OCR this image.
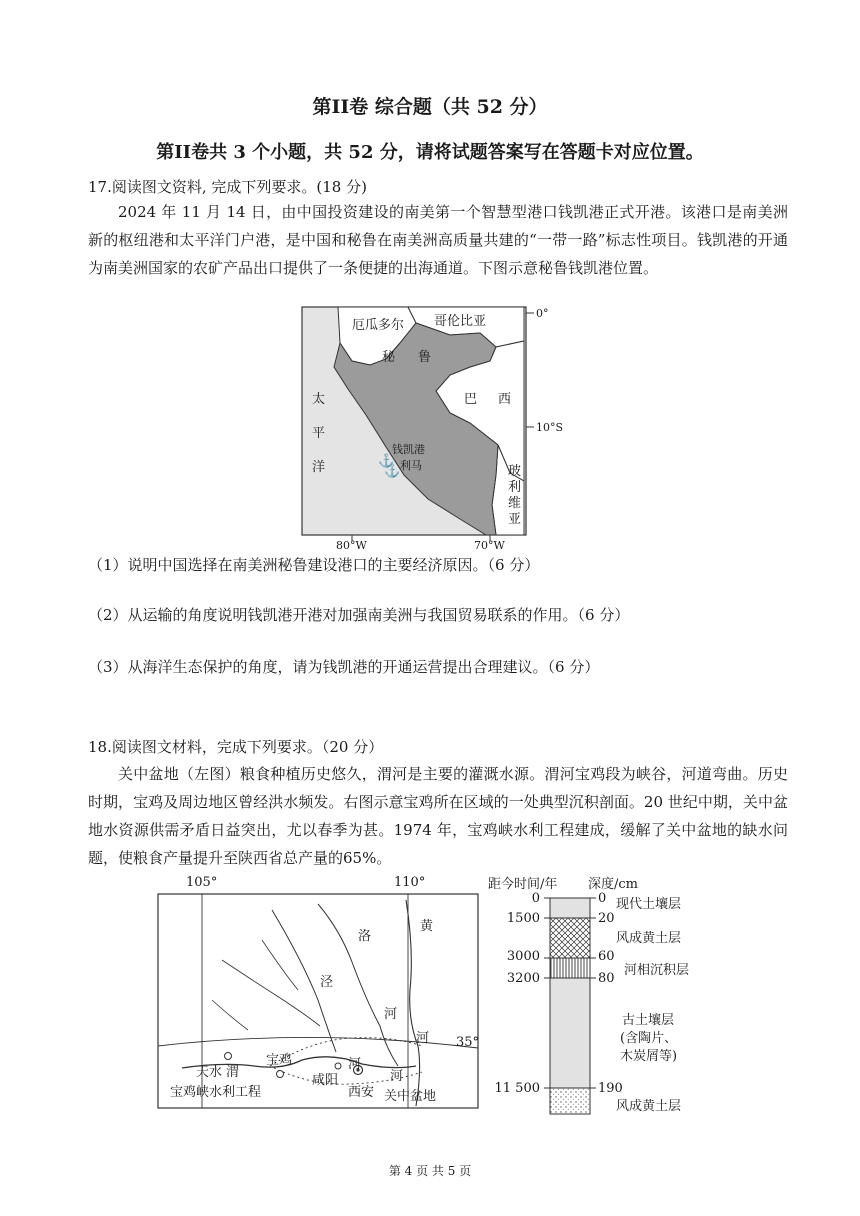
第II卷 综合题（共 52 分）
第II卷共 3 个小题，共 52 分，请将试题答案写在答题卡对应位置。
17.阅读图文资料, 完成下列要求。(18 分)
2024 年 11 月 14 日，由中国投资建设的南美第一个智慧型港口钱凯港正式开港。该港口是南美洲新的枢纽港和太平洋门户港，是中国和秘鲁在南美洲高质量共建的“一带一路”标志性项目。钱凯港的开通为南美洲国家的农矿产品出口提供了一条便捷的出海通道。下图示意秘鲁钱凯港位置。
厄瓜多尔 哥伦比亚
秘 鲁
巴 西
太
平
洋
钱凯港
利马
⚓
⚓	玻
利
维
亚
0°
10°S
80°W	70°W
（1）说明中国选择在南美洲秘鲁建设港口的主要经济原因。（6 分）
（2）从运输的角度说明钱凯港开港对加强南美洲与我国贸易联系的作用。（6 分）
（3）从海洋生态保护的角度，请为钱凯港的开通运营提出合理建议。（6 分）
18.阅读图文材料，完成下列要求。（20 分）
关中盆地（左图）粮食种植历史悠久，渭河是主要的灌溉水源。渭河宝鸡段为峡谷，河道弯曲。历史时期，宝鸡及周边地区曾经洪水频发。右图示意宝鸡所在区域的一处典型沉积剖面。20 世纪中期，关中盆地水资源供需矛盾日益突出，尤以春季为甚。1974 年，宝鸡峡水利工程建成，缓解了关中盆地的缺水问题，使粮食产量提升至陕西省总产量的65%。
105°	110°
35°
洛
黄
泾
河
河
河
河
天水 渭
宝鸡
咸阳
西安
宝鸡峡水利工程	关中盆地
距今时间/年 深度/cm
0
1500
3000
3200
11 500
0
20
60
80
190
现代土壤层
风成黄土层
河相沉积层
古土壤层
(含陶片、
木炭屑等)
风成黄土层
第 4 页 共 5 页
